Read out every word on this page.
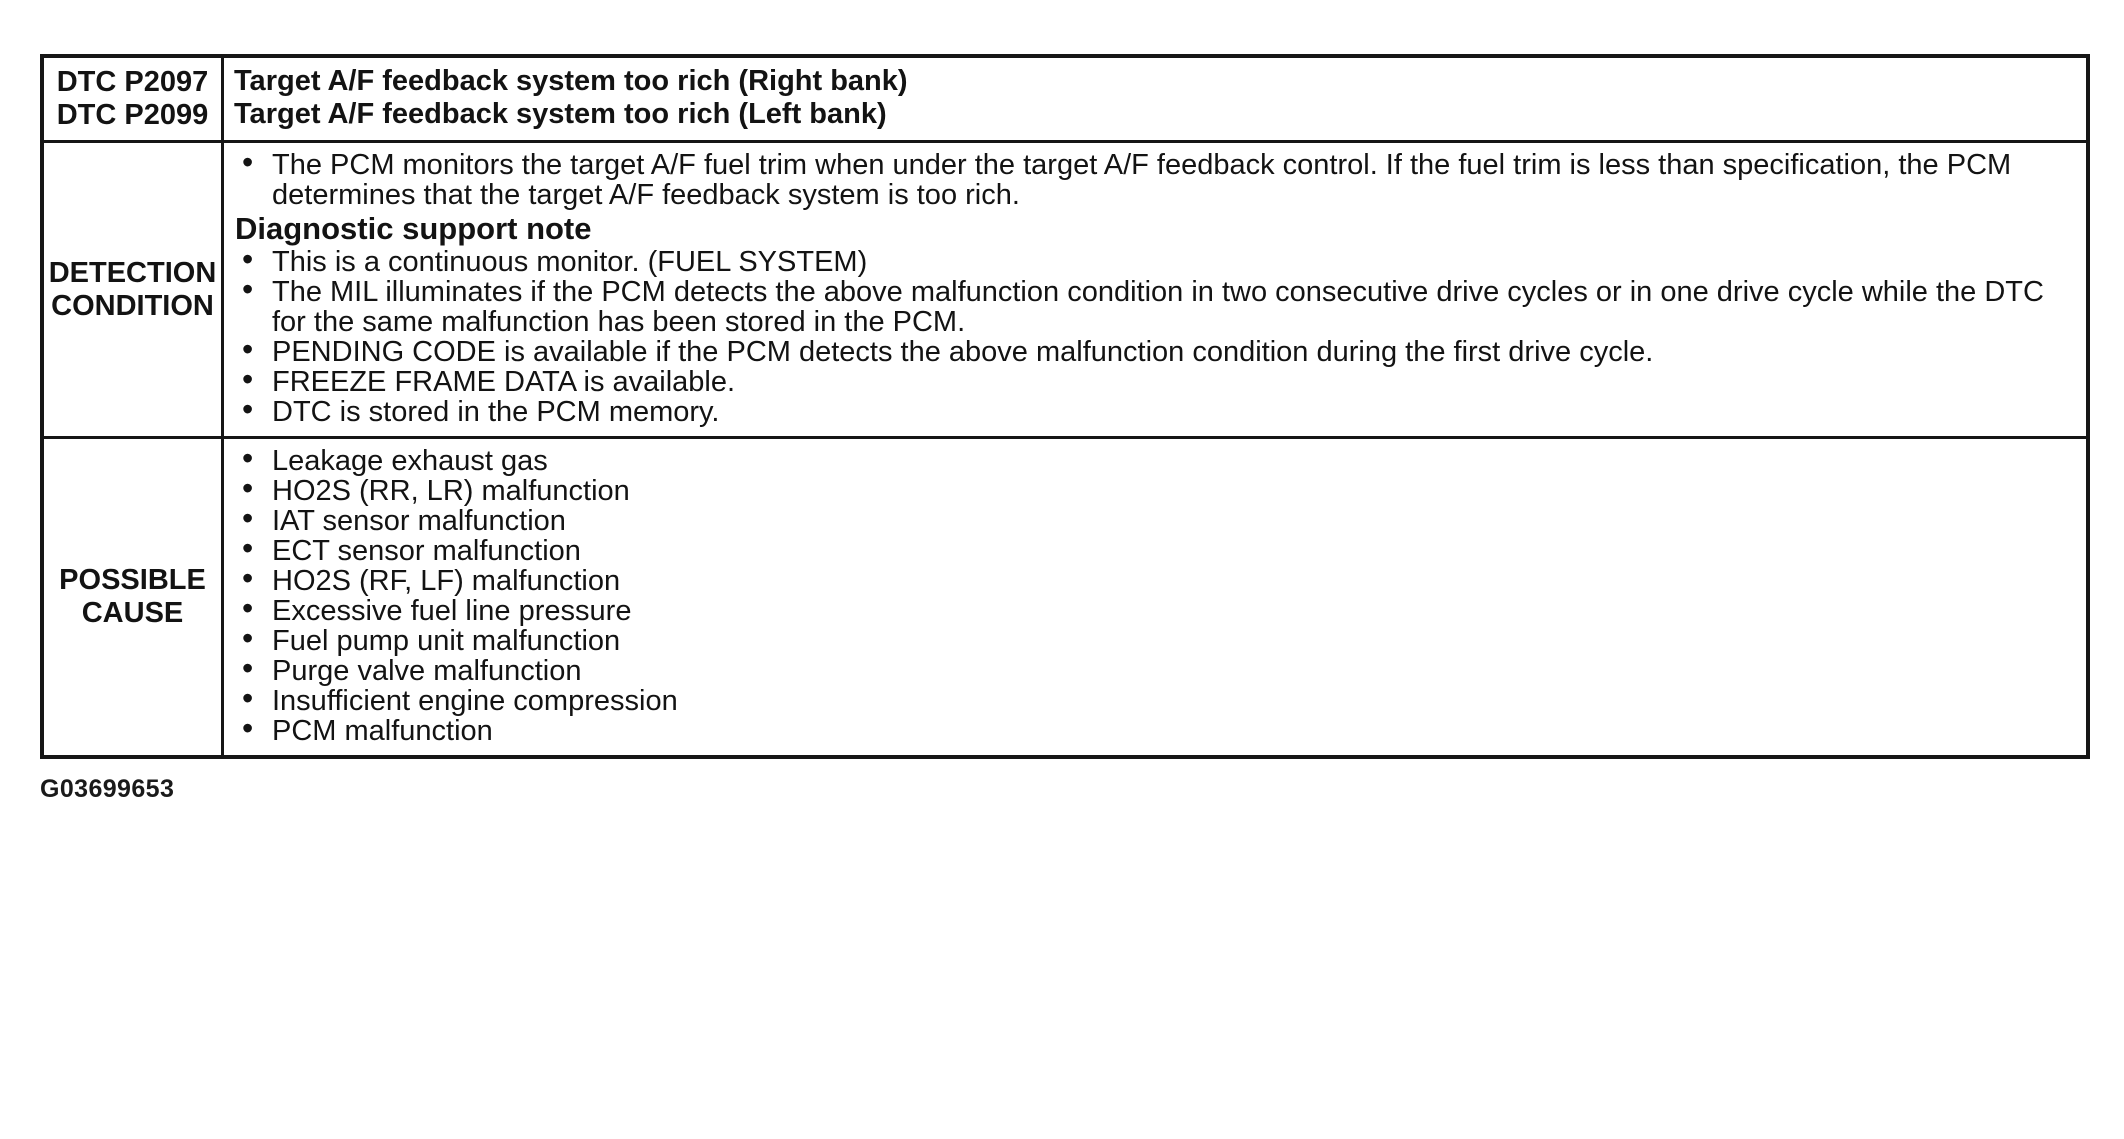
DTC P2097
DTC P2099
Target A/F feedback system too rich (Right bank)
Target A/F feedback system too rich (Left bank)
DETECTION
CONDITION
• The PCM monitors the target A/F fuel trim when under the target A/F feedback control. If the fuel trim is less than specification, the PCM determines that the target A/F feedback system is too rich.
Diagnostic support note
• This is a continuous monitor. (FUEL SYSTEM)
• The MIL illuminates if the PCM detects the above malfunction condition in two consecutive drive cycles or in one drive cycle while the DTC for the same malfunction has been stored in the PCM.
• PENDING CODE is available if the PCM detects the above malfunction condition during the first drive cycle.
• FREEZE FRAME DATA is available.
• DTC is stored in the PCM memory.
POSSIBLE
CAUSE
• Leakage exhaust gas
• HO2S (RR, LR) malfunction
• IAT sensor malfunction
• ECT sensor malfunction
• HO2S (RF, LF) malfunction
• Excessive fuel line pressure
• Fuel pump unit malfunction
• Purge valve malfunction
• Insufficient engine compression
• PCM malfunction
G03699653
